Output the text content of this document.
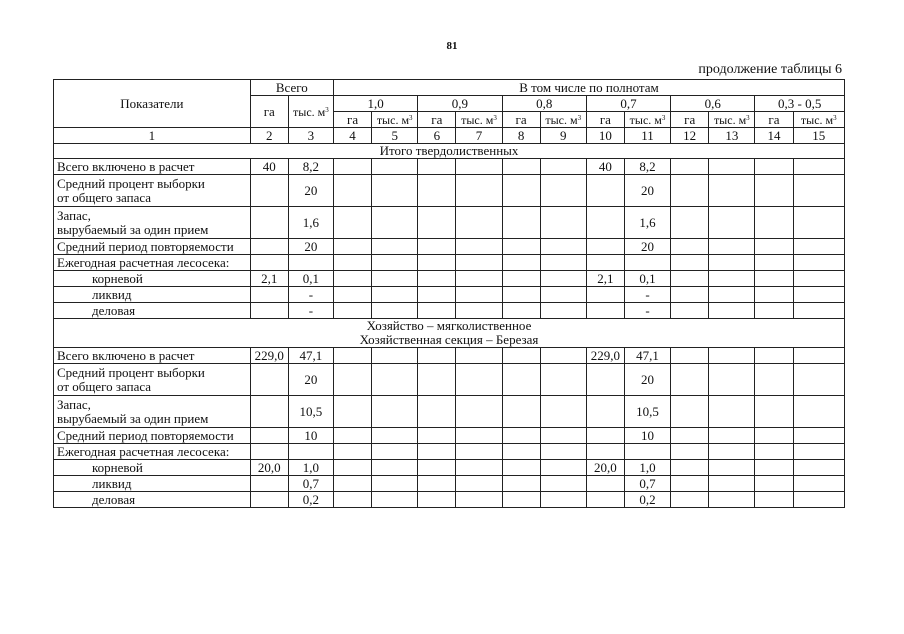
81
продолжение таблицы 6
Показатели	Всего		В том числе по полнотам											
	га	тыс. $м^3$	1,0		0,9		0,8		0,7		0,6		0,3 - 0,5	
			га	тыс. $м^3$	га	тыс. $м^3$	га	тыс. $м^3$	га	тыс. $м^3$	га	тыс. $м^3$	га	тыс. $м^3$
1	2	3	4	5	6	7	8	9	10	11	12	13	14	15
Итого твердолиственных														
Всего включено в расчет	40	8,2							40	8,2				
Средний процент выборки
от общего запаса		20								20				
Запас,
вырубаемый за один прием		1,6								1,6				
Средний период повторяемости		20								20				
Ежегодная расчетная лесосека:														
корневой	2,1	0,1							2,1	0,1				
ликвид		-								-				
деловая		-								-				
Хозяйство – мягколиственное
Хозяйственная секция – Березая														
Всего включено в расчет	229,0	47,1							229,0	47,1				
Средний процент выборки
от общего запаса		20								20				
Запас,
вырубаемый за один прием		10,5								10,5				
Средний период повторяемости		10								10				
Ежегодная расчетная лесосека:														
корневой	20,0	1,0							20,0	1,0				
ликвид		0,7								0,7				
деловая		0,2								0,2				
